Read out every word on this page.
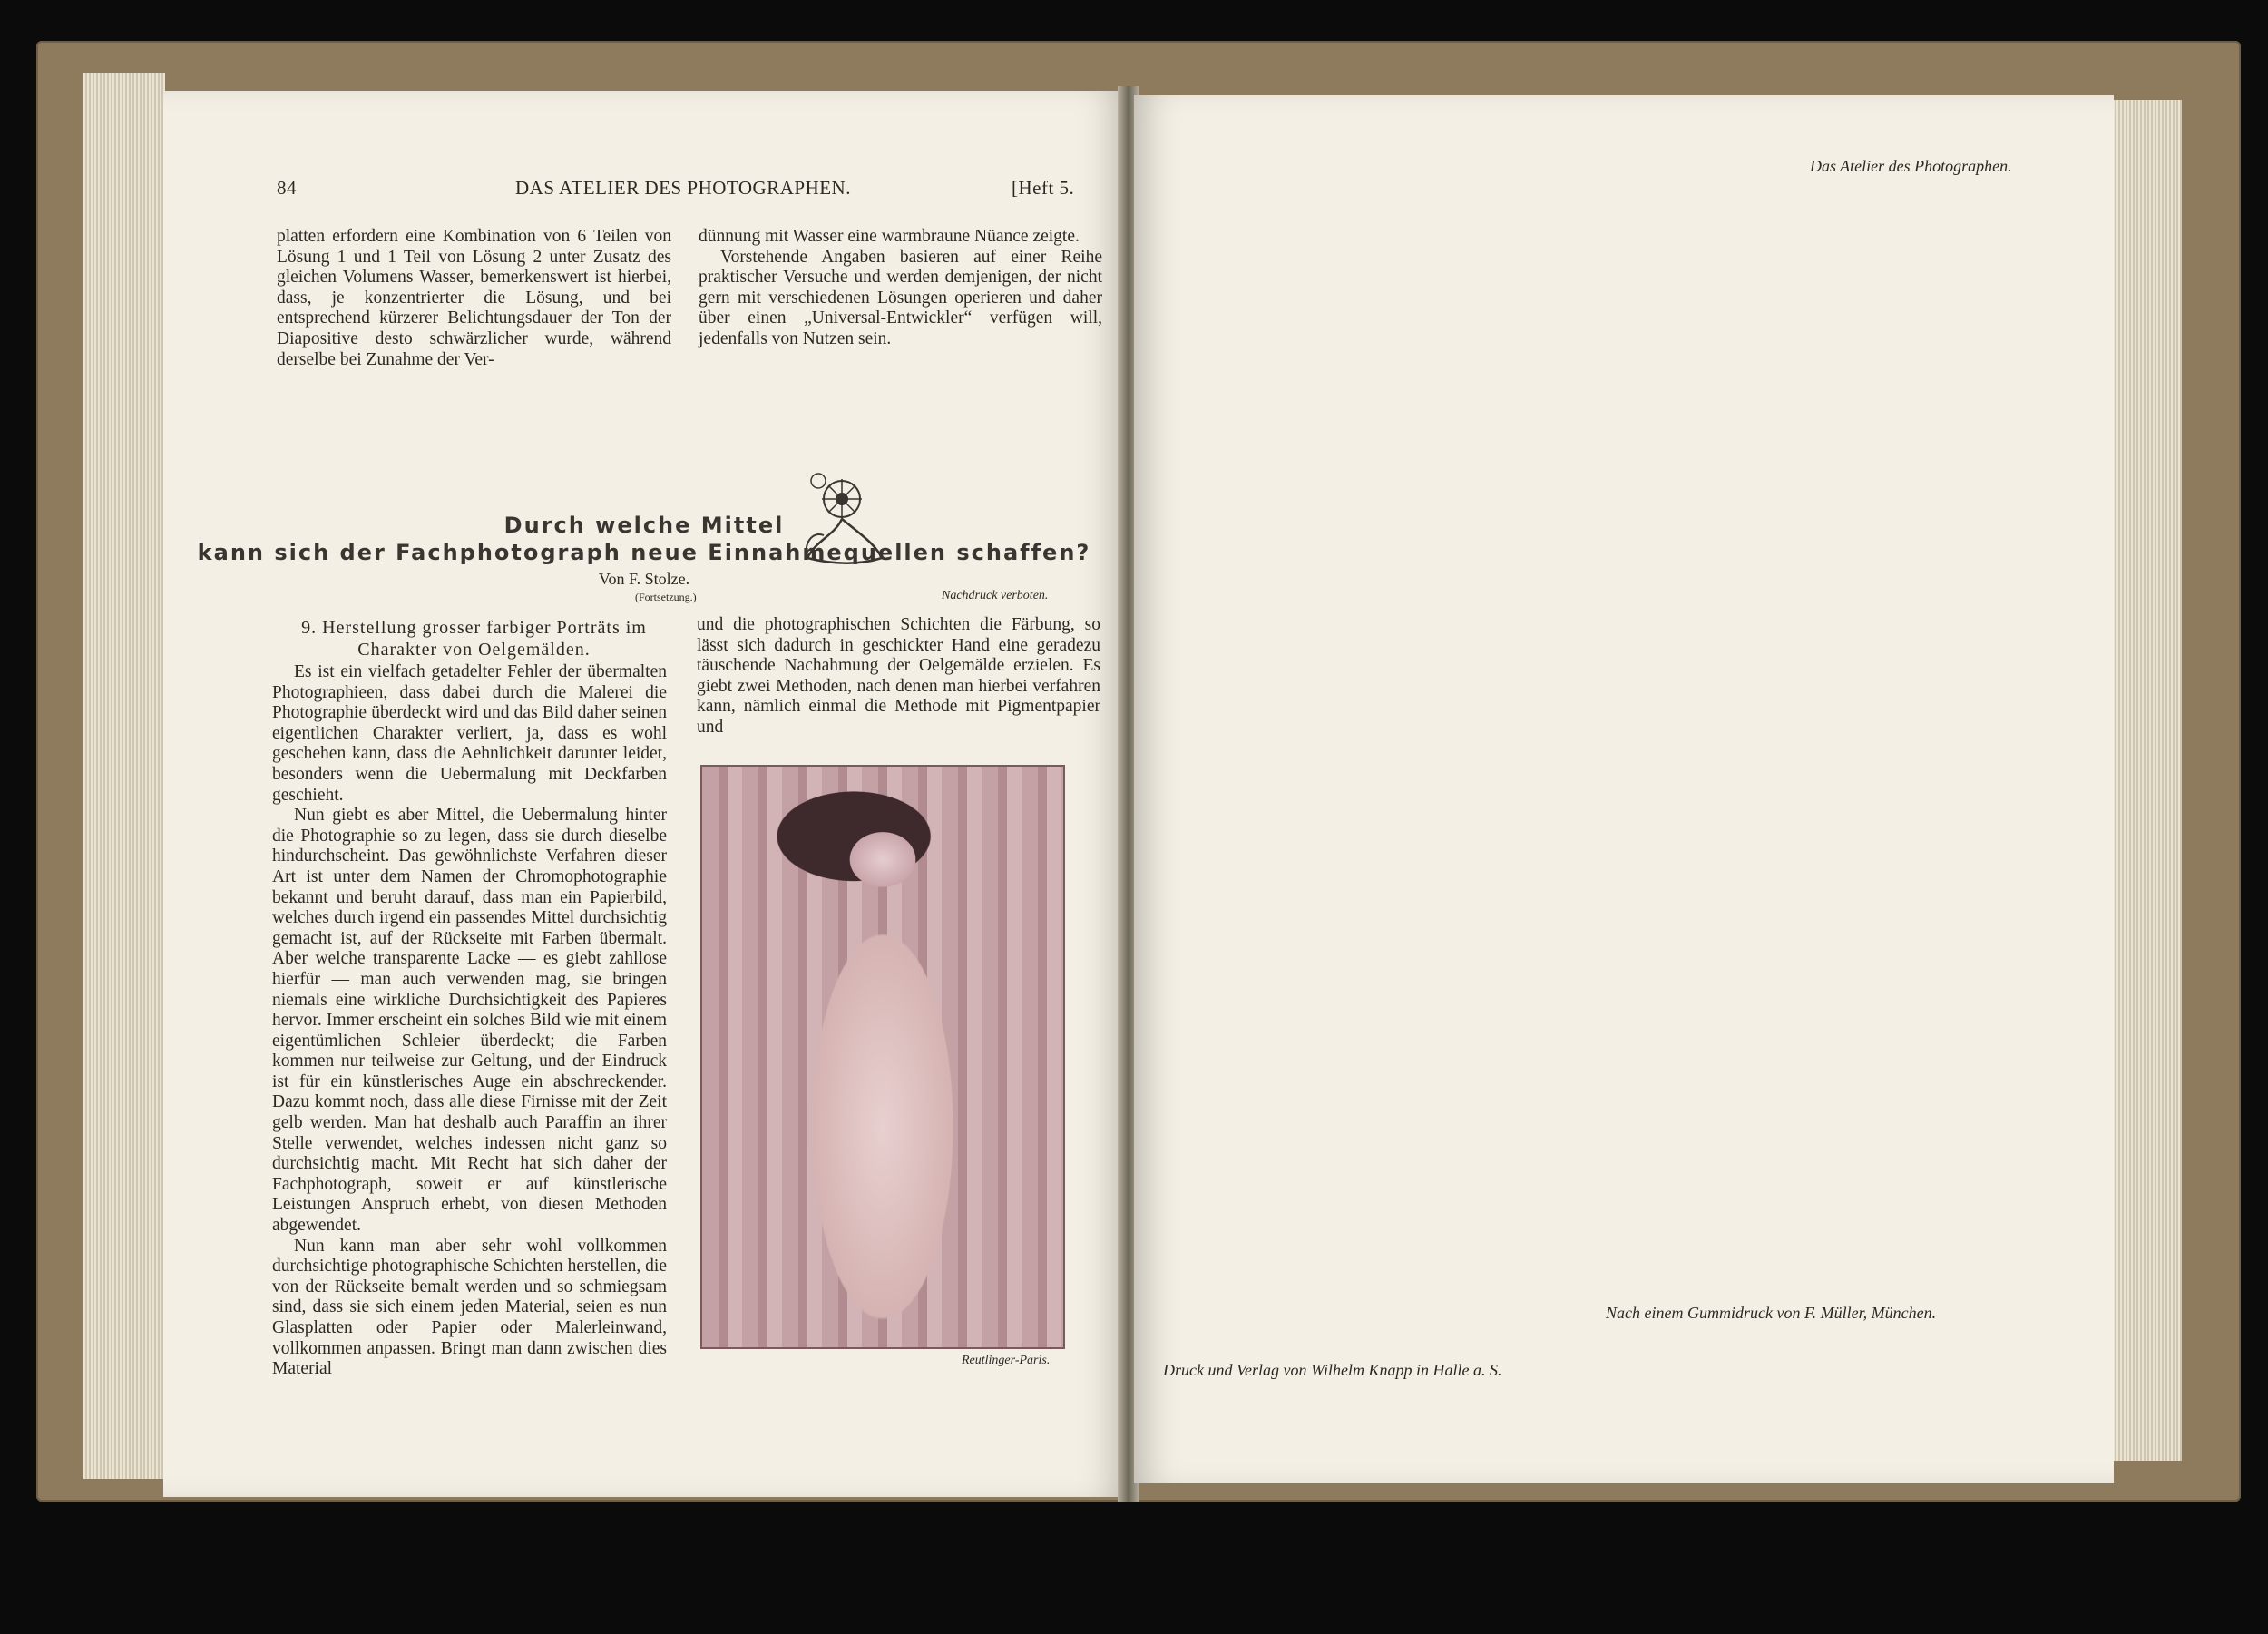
84	DAS ATELIER DES PHOTOGRAPHEN.	[Heft 5.

platten erfordern eine Kombination von 6 Teilen von Lösung 1 und 1 Teil von Lösung 2 unter Zusatz des gleichen Volumens Wasser, bemerkenswert ist hierbei, dass, je konzentrierter die Lösung, und bei entsprechend kürzerer Belichtungsdauer der Ton der Diapositive desto schwärzlicher wurde, während derselbe bei Zunahme der Ver-

dünnung mit Wasser eine warmbraune Nüance zeigte.

Vorstehende Angaben basieren auf einer Reihe praktischer Versuche und werden demjenigen, der nicht gern mit verschiedenen Lösungen operieren und daher über einen „Universal-Entwickler“ verfügen will, jedenfalls von Nutzen sein.

Durch welche Mittel
kann sich der Fachphotograph neue Einnahmequellen schaffen?
Von F. Stolze.
(Fortsetzung.)	Nachdruck verboten.
9. Herstellung grosser farbiger Porträts im Charakter von Oelgemälden.

Es ist ein vielfach getadelter Fehler der übermalten Photographieen, dass dabei durch die Malerei die Photographie überdeckt wird und das Bild daher seinen eigentlichen Charakter verliert, ja, dass es wohl geschehen kann, dass die Aehnlichkeit darunter leidet, besonders wenn die Uebermalung mit Deckfarben geschieht.

Nun giebt es aber Mittel, die Uebermalung hinter die Photographie so zu legen, dass sie durch dieselbe hindurchscheint. Das gewöhnlichste Verfahren dieser Art ist unter dem Namen der Chromophotographie bekannt und beruht darauf, dass man ein Papierbild, welches durch irgend ein passendes Mittel durchsichtig gemacht ist, auf der Rückseite mit Farben übermalt. Aber welche transparente Lacke — es giebt zahllose hierfür — man auch verwenden mag, sie bringen niemals eine wirkliche Durchsichtigkeit des Papieres hervor. Immer erscheint ein solches Bild wie mit einem eigentümlichen Schleier überdeckt; die Farben kommen nur teilweise zur Geltung, und der Eindruck ist für ein künstlerisches Auge ein abschreckender. Dazu kommt noch, dass alle diese Firnisse mit der Zeit gelb werden. Man hat deshalb auch Paraffin an ihrer Stelle verwendet, welches indessen nicht ganz so durchsichtig macht. Mit Recht hat sich daher der Fachphotograph, soweit er auf künstlerische Leistungen Anspruch erhebt, von diesen Methoden abgewendet.

Nun kann man aber sehr wohl vollkommen durchsichtige photographische Schichten herstellen, die von der Rückseite bemalt werden und so schmiegsam sind, dass sie sich einem jeden Material, seien es nun Glasplatten oder Papier oder Malerleinwand, vollkommen anpassen. Bringt man dann zwischen dies Material

und die photographischen Schichten die Färbung, so lässt sich dadurch in geschickter Hand eine geradezu täuschende Nachahmung der Oelgemälde erzielen. Es giebt zwei Methoden, nach denen man hierbei verfahren kann, nämlich einmal die Methode mit Pigmentpapier und

Reutlinger-Paris.
Das Atelier des Photographen.
Nach einem Gummidruck von F. Müller, München.
Druck und Verlag von Wilhelm Knapp in Halle a. S.
